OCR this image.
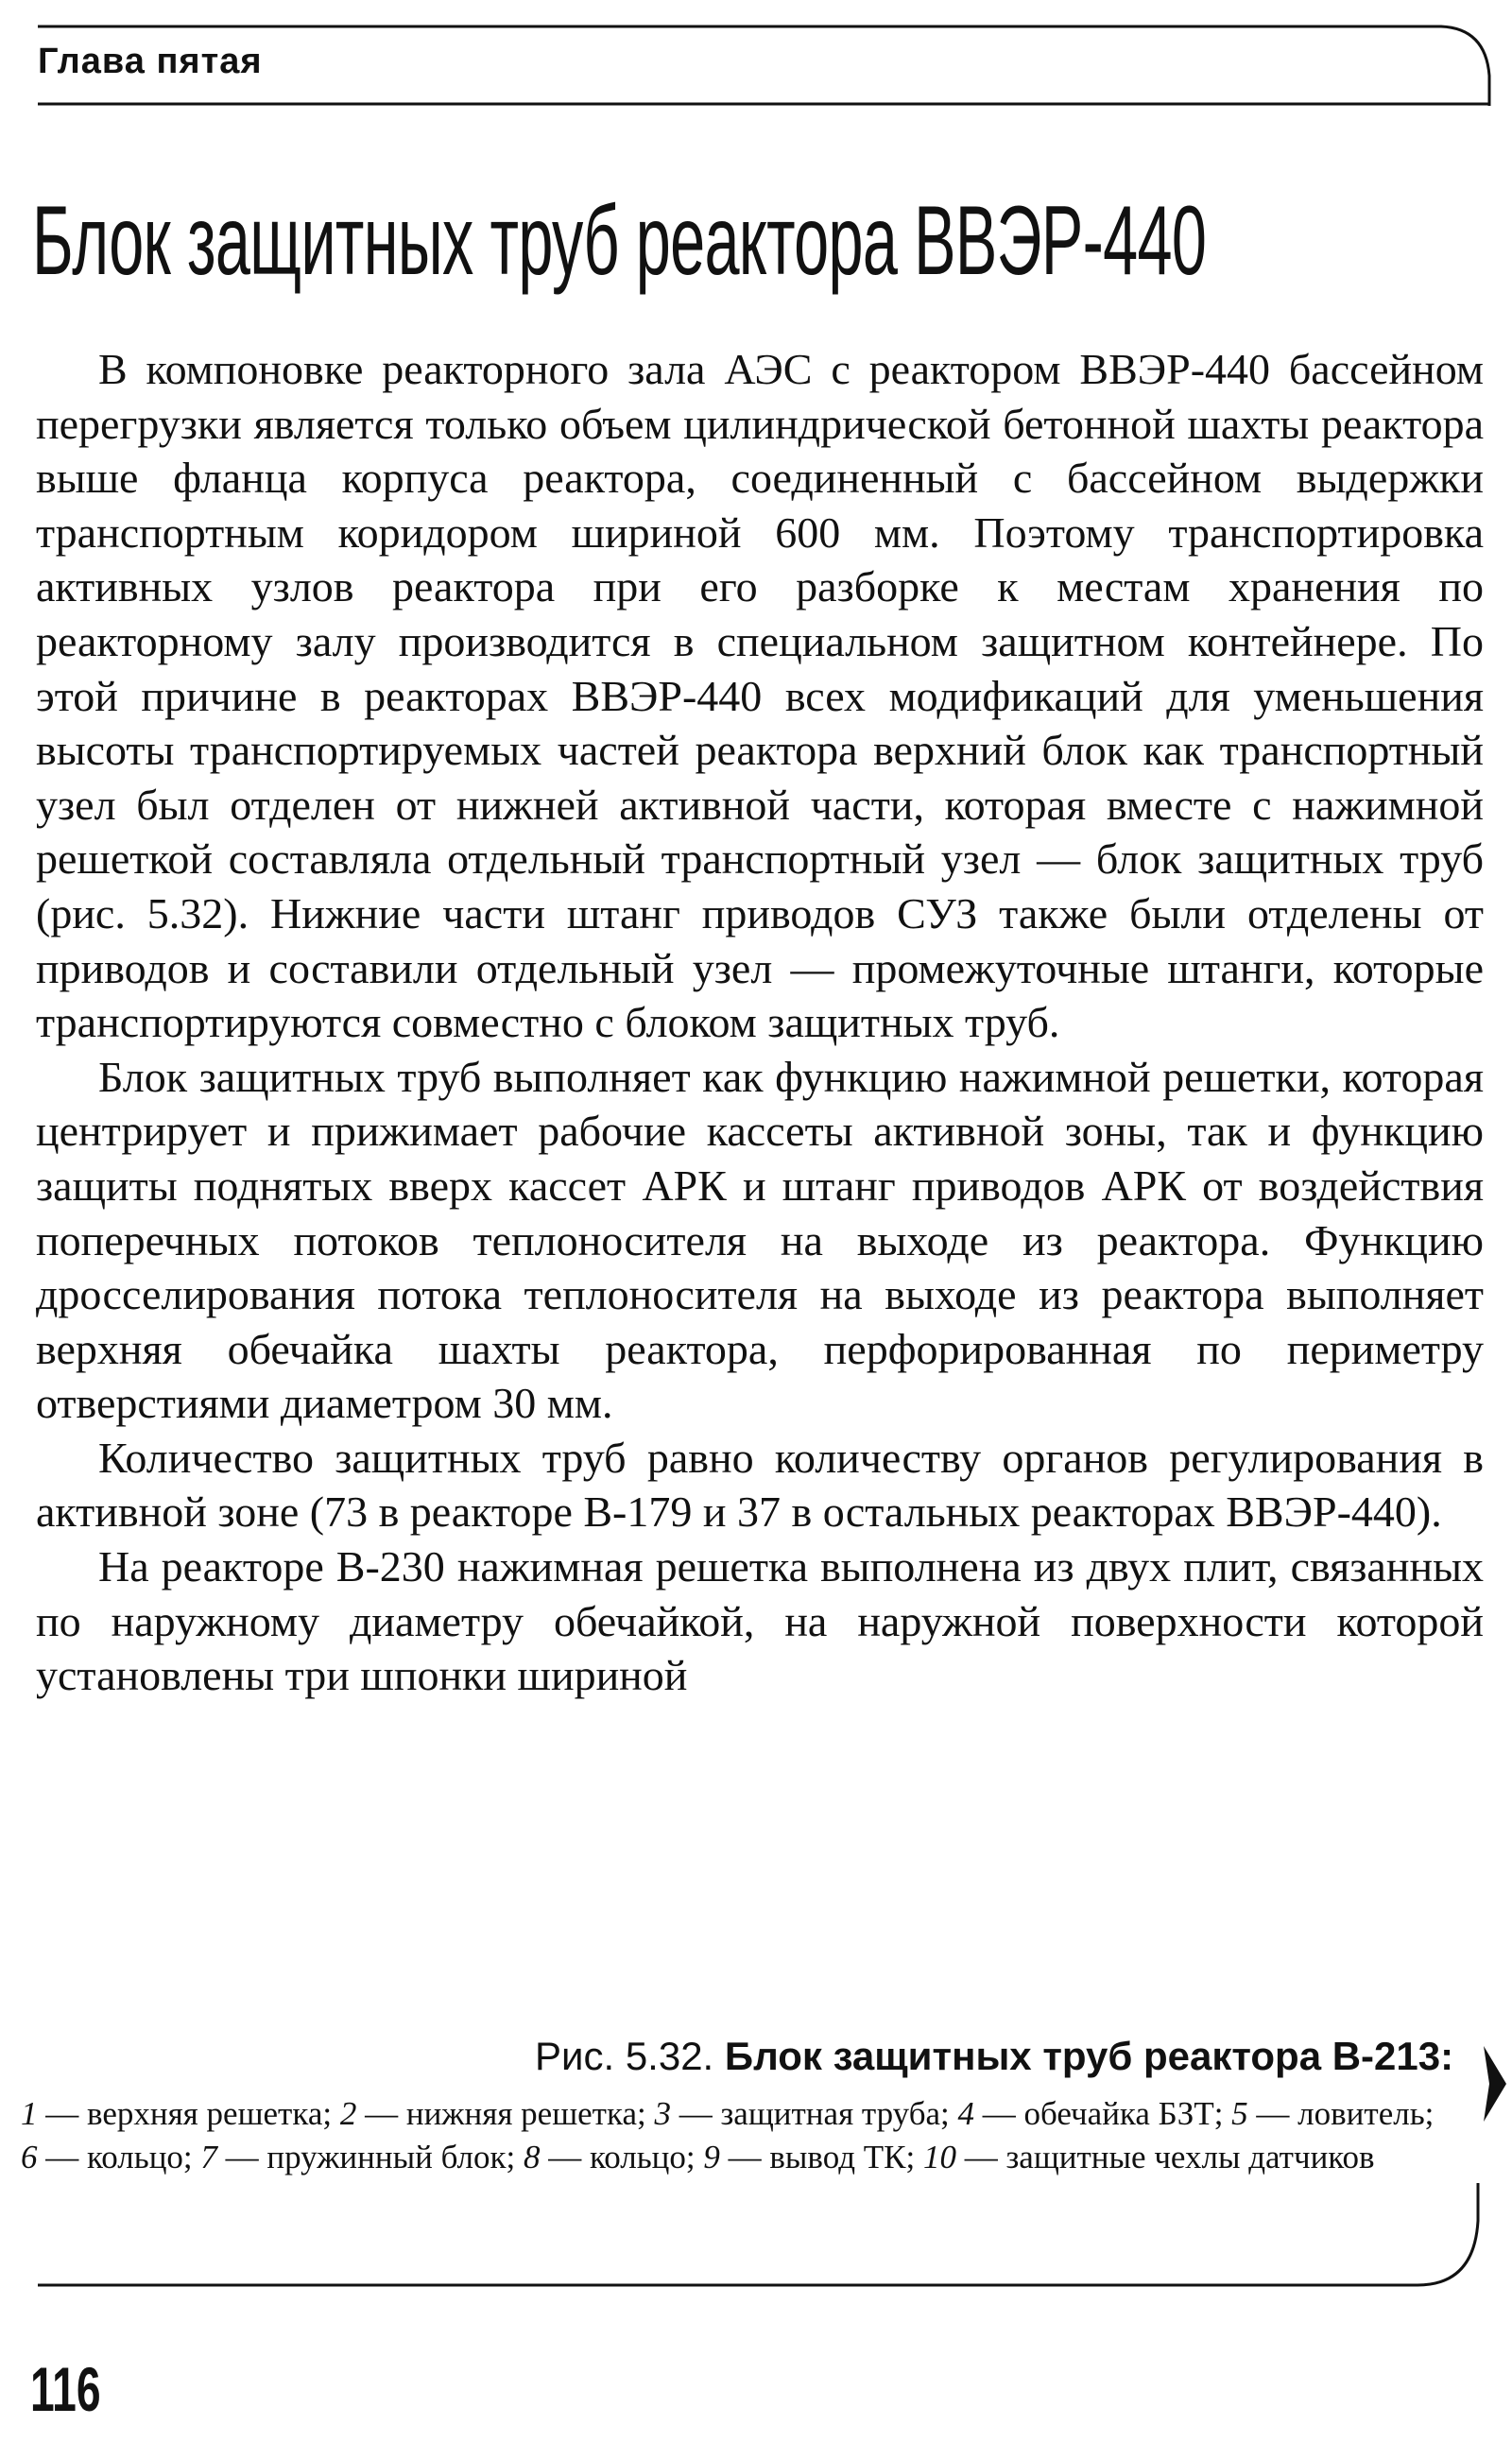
Глава пятая
Блок защитных труб реактора ВВЭР-440

В компоновке реакторного зала АЭС с реактором ВВЭР-440 бассейном перегрузки является только объем цилиндрической бетонной шахты реактора выше фланца корпуса реактора, соединенный с бассейном выдержки транспортным коридором шириной 600 мм. Поэтому транспортировка активных узлов реактора при его разборке к местам хранения по реакторному залу производится в специальном защитном контейнере. По этой причине в реакторах ВВЭР-440 всех модификаций для уменьшения высоты транспортируемых частей реактора верхний блок как транспортный узел был отделен от нижней активной части, которая вместе с нажимной решеткой составляла отдельный транспортный узел — блок защитных труб (рис. 5.32). Нижние части штанг приводов СУЗ также были отделены от приводов и составили отдельный узел — промежуточные штанги, которые транспортируются совместно с блоком защитных труб.

Блок защитных труб выполняет как функцию нажимной решетки, которая центрирует и прижимает рабочие кассеты активной зоны, так и функцию защиты поднятых вверх кассет АРК и штанг приводов АРК от воздействия поперечных потоков теплоносителя на выходе из реактора. Функцию дросселирования потока теплоносителя на выходе из реактора выполняет верхняя обечайка шахты реактора, перфорированная по периметру отверстиями диаметром 30 мм.

Количество защитных труб равно количеству органов регулирования в активной зоне (73 в реакторе В-179 и 37 в остальных реакторах ВВЭР-440).

На реакторе В-230 нажимная решетка выполнена из двух плит, связанных по наружному диаметру обечайкой, на наружной поверхности которой установлены три шпонки шириной

Рис. 5.32. Блок защитных труб реактора В-213:
1 — верхняя решетка; 2 — нижняя решетка; 3 — защитная труба; 4 — обечайка БЗТ; 5 — ловитель; 6 — кольцо; 7 — пружинный блок; 8 — кольцо; 9 — вывод ТК; 10 — защитные чехлы датчиков
116
